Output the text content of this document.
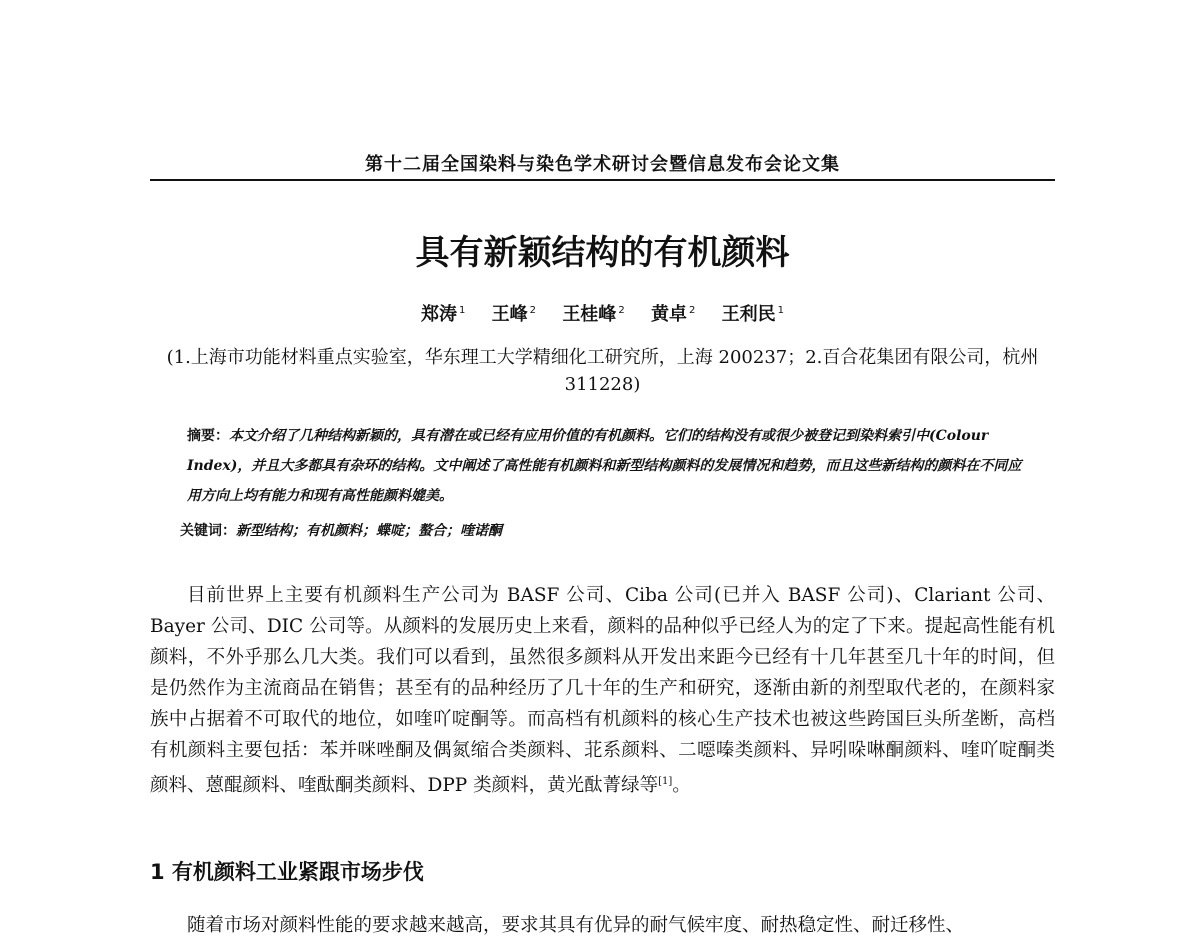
第十二届全国染料与染色学术研讨会暨信息发布会论文集
具有新颖结构的有机颜料
郑涛 $^1$ 王峰 $^2$ 王桂峰 $^2$ 黄卓 $^2$ 王利民 $^1$
(1.上海市功能材料重点实验室，华东理工大学精细化工研究所，上海 200237；2.百合花集团有限公司，杭州 311228)
摘要：本文介绍了几种结构新颖的，具有潜在或已经有应用价值的有机颜料。它们的结构没有或很少被登记到染料索引中(Colour Index)，并且大多都具有杂环的结构。文中阐述了高性能有机颜料和新型结构颜料的发展情况和趋势，而且这些新结构的颜料在不同应用方向上均有能力和现有高性能颜料媲美。
关键词：新型结构；有机颜料；蝶啶；螯合；喹诺酮
目前世界上主要有机颜料生产公司为 BASF 公司、Ciba 公司(已并入 BASF 公司)、Clariant 公司、Bayer 公司、DIC 公司等。从颜料的发展历史上来看，颜料的品种似乎已经人为的定了下来。提起高性能有机颜料，不外乎那么几大类。我们可以看到，虽然很多颜料从开发出来距今已经有十几年甚至几十年的时间，但是仍然作为主流商品在销售；甚至有的品种经历了几十年的生产和研究，逐渐由新的剂型取代老的，在颜料家族中占据着不可取代的地位，如喹吖啶酮等。而高档有机颜料的核心生产技术也被这些跨国巨头所垄断，高档有机颜料主要包括：苯并咪唑酮及偶氮缩合类颜料、苝系颜料、二噁嗪类颜料、异吲哚啉酮颜料、喹吖啶酮类颜料、蒽醌颜料、喹酞酮类颜料、DPP 类颜料，黄光酞菁绿等[1]。
1 有机颜料工业紧跟市场步伐
随着市场对颜料性能的要求越来越高，要求其具有优异的耐气候牢度、耐热稳定性、耐迁移性、
